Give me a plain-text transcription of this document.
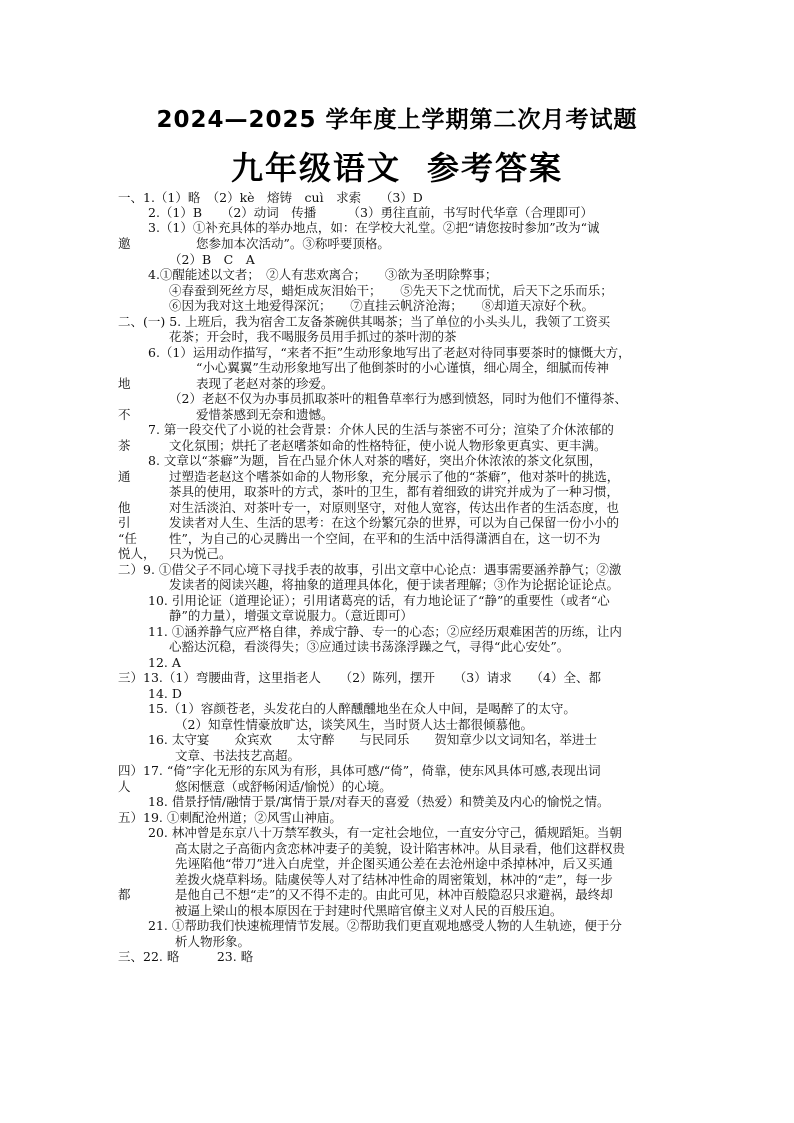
2024—2025 学年度上学期第二次月考试题
九年级语文 参考答案
一、1.（1）略　（2）kè　熔铸　cuì　求索　　（3）D
2.（1）B　　（2）动词　传播　　　（3）勇往直前，书写时代华章（合理即可）
3.（1）①补充具体的举办地点，如：在学校大礼堂。②把“请您按时参加”改为“诚
邀	您参加本次活动”。③称呼要顶格。
（2）B　C　A
4.①醒能述以文者；　②人有悲欢离合；　　③欲为圣明除弊事；
④春蚕到死丝方尽，蜡炬成灰泪始干；　　⑤先天下之忧而忧，后天下之乐而乐；
⑥因为我对这土地爱得深沉；　　⑦直挂云帆济沧海；　　⑧却道天凉好个秋。
二、(一) 5. 上班后，我为宿舍工友备茶碗供其喝茶；当了单位的小头头儿，我领了工资买
花茶；开会时，我不喝服务员用手抓过的茶叶沏的茶
6.（1）运用动作描写，“来者不拒”生动形象地写出了老赵对待同事要茶时的慷慨大方，
“小心翼翼”生动形象地写出了他倒茶时的小心谨慎，细心周全，细腻而传神
地	表现了老赵对茶的珍爱。
（2）老赵不仅为办事员抓取茶叶的粗鲁草率行为感到愤怒，同时为他们不懂得茶、
不	爱惜茶感到无奈和遗憾。
7. 第一段交代了小说的社会背景：介休人民的生活与茶密不可分；渲染了介休浓郁的
茶	文化氛围；烘托了老赵嗜茶如命的性格特征，使小说人物形象更真实、更丰满。
8. 文章以“茶癖”为题，旨在凸显介休人对茶的嗜好，突出介休浓浓的茶文化氛围，
通	过塑造老赵这个嗜茶如命的人物形象，充分展示了他的“茶癖”，他对茶叶的挑选，
茶具的使用，取茶叶的方式，茶叶的卫生，都有着细致的讲究并成为了一种习惯，
他	对生活淡泊、对茶叶专一，对原则坚守，对他人宽容，传达出作者的生活态度，也
引	发读者对人生、生活的思考：在这个纷繁冗杂的世界，可以为自己保留一份小小的
“任	性”，为自己的心灵腾出一个空间，在平和的生活中活得潇洒自在，这一切不为
悦人， 只为悦己。
二）9. ①借父子不同心境下寻找手表的故事，引出文章中心论点：遇事需要涵养静气；②激
发读者的阅读兴趣，将抽象的道理具体化，便于读者理解；③作为论据论证论点。
10. 引用论证（道理论证）；引用诸葛亮的话，有力地论证了“静”的重要性（或者“心
静”的力量），增强文章说服力。（意近即可）
11. ①涵养静气应严格自律，养成宁静、专一的心态；②应经历艰难困苦的历练，让内
心豁达沉稳，看淡得失；③应通过读书荡涤浮躁之气，寻得“此心安处”。
12. A
三）13.（1）弯腰曲背，这里指老人　　（2）陈列，摆开　　（3）请求　　（4）全、都
14. D
15.（1）容颜苍老，头发花白的人醉醺醺地坐在众人中间，是喝醉了的太守。
（2）知章性情豪放旷达，谈笑风生，当时贤人达士都很倾慕他。
16. 太守宴　　众宾欢　　太守醉　　与民同乐　　贺知章少以文词知名，举进士
文章、书法技艺高超。
四）17. “倚”字化无形的东风为有形，具体可感/“倚”，倚靠，使东风具体可感,表现出词
人	悠闲惬意（或舒畅闲适/愉悦）的心境。
18. 借景抒情/融情于景/寓情于景/对春天的喜爱（热爱）和赞美及内心的愉悦之情。
五）19. ①刺配沧州道；②风雪山神庙。
20. 林冲曾是东京八十万禁军教头，有一定社会地位，一直安分守己，循规蹈矩。当朝
高太尉之子高衙内贪恋林冲妻子的美貌，设计陷害林冲。从目录看，他们这群权贵
先诬陷他“带刀”进入白虎堂，并企图买通公差在去沧州途中杀掉林冲，后又买通
差拨火烧草料场。陆虞侯等人对了结林冲性命的周密策划，林冲的“走”，每一步
都	是他自己不想“走”的又不得不走的。由此可见，林冲百般隐忍只求避祸，最终却
被逼上梁山的根本原因在于封建时代黑暗官僚主义对人民的百般压迫。
21. ①帮助我们快速梳理情节发展。②帮助我们更直观地感受人物的人生轨迹，便于分
析人物形象。
三、22. 略　　　23. 略
